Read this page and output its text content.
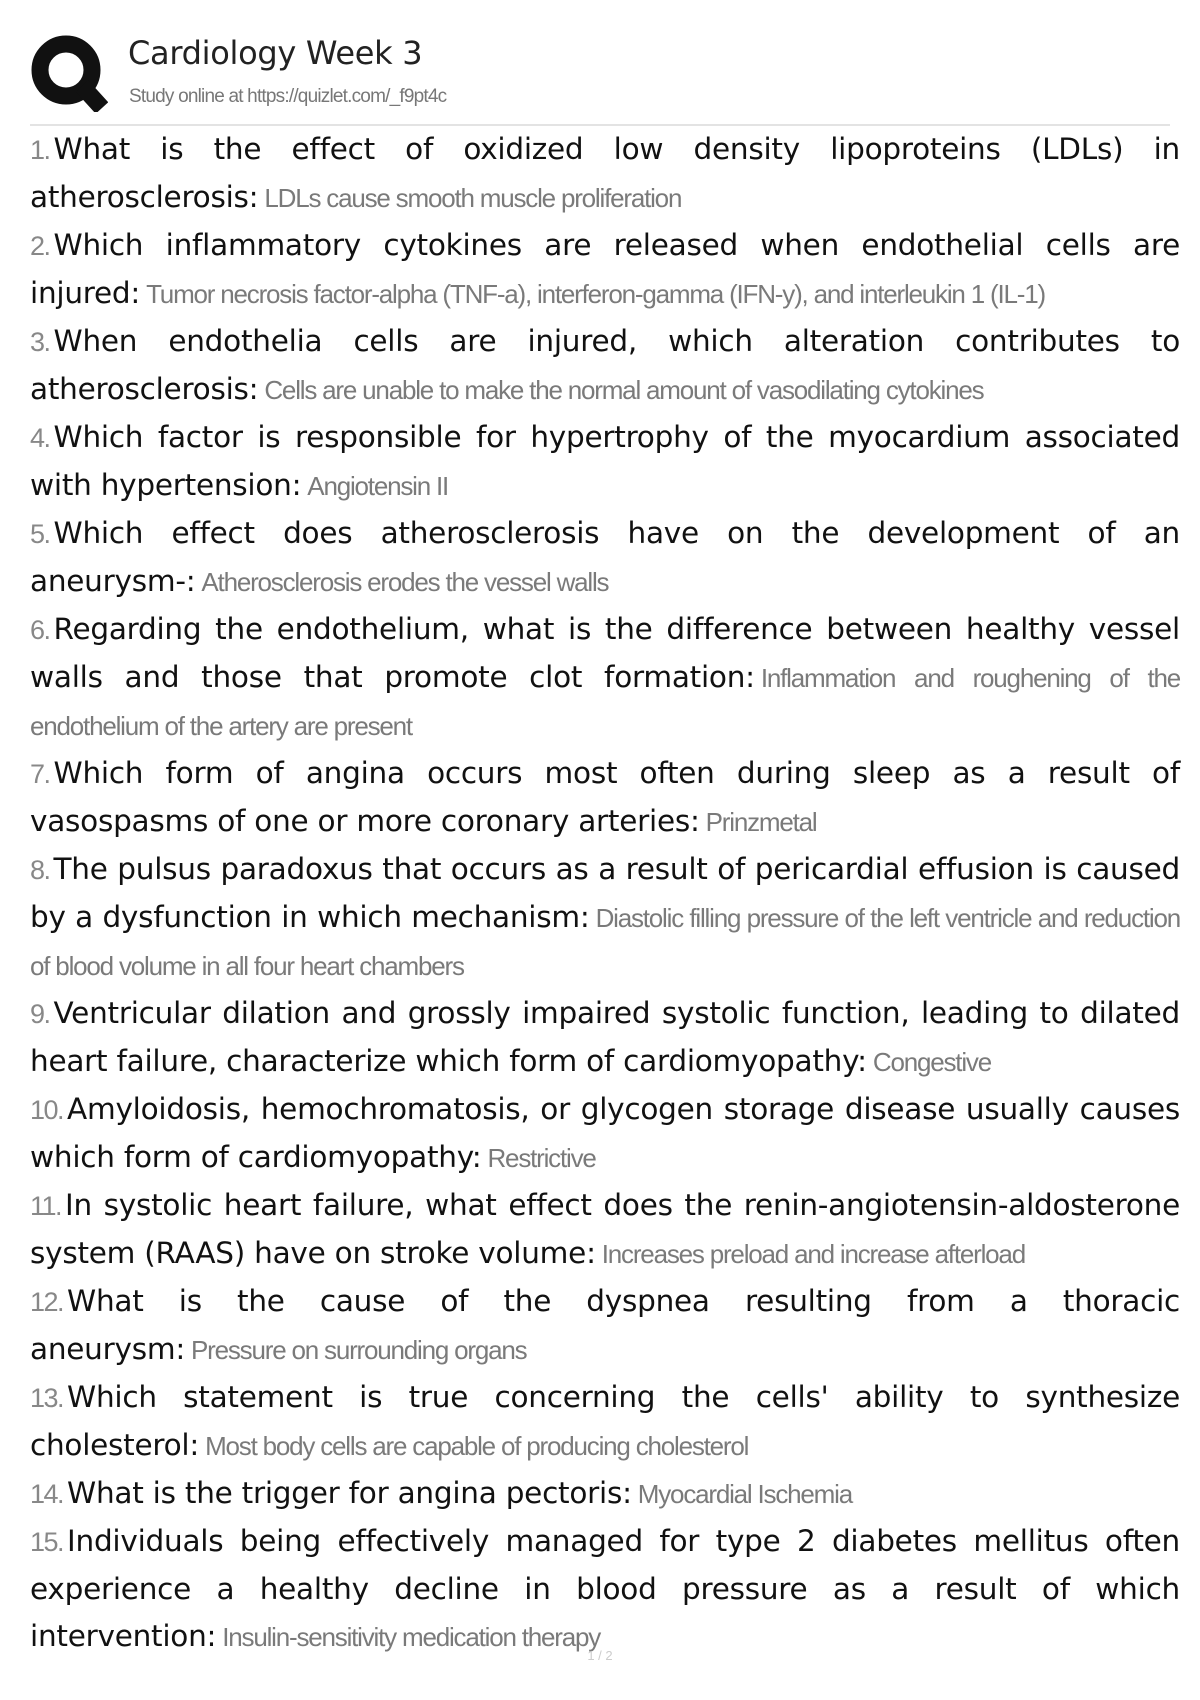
Cardiology Week 3
Study online at https://quizlet.com/_f9pt4c

1. What is the effect of oxidized low density lipoproteins (LDLs) in atherosclerosis: LDLs cause smooth muscle proliferation

2. Which inflammatory cytokines are released when endothelial cells are injured: Tumor necrosis factor-alpha (TNF-a), interferon-gamma (IFN-y), and interleukin 1 (IL-1)

3. When endothelia cells are injured, which alteration contributes to atherosclerosis: Cells are unable to make the normal amount of vasodilating cytokines

4. Which factor is responsible for hypertrophy of the myocardium associated with hypertension: Angiotensin II

5. Which effect does atherosclerosis have on the development of an aneurysm-: Atherosclerosis erodes the vessel walls

6. Regarding the endothelium, what is the difference between healthy vessel walls and those that promote clot formation: Inflammation and roughening of the endothelium of the artery are present

7. Which form of angina occurs most often during sleep as a result of vasospasms of one or more coronary arteries: Prinzmetal

8. The pulsus paradoxus that occurs as a result of pericardial effusion is caused by a dysfunction in which mechanism: Diastolic filling pressure of the left ventricle and reduction of blood volume in all four heart chambers

9. Ventricular dilation and grossly impaired systolic function, leading to dilated heart failure, characterize which form of cardiomyopathy: Congestive

10. Amyloidosis, hemochromatosis, or glycogen storage disease usually causes which form of cardiomyopathy: Restrictive

11. In systolic heart failure, what effect does the renin-angiotensin-aldosterone system (RAAS) have on stroke volume: Increases preload and increase afterload

12. What is the cause of the dyspnea resulting from a thoracic aneurysm: Pressure on surrounding organs

13. Which statement is true concerning the cells' ability to synthesize cholesterol: Most body cells are capable of producing cholesterol

14. What is the trigger for angina pectoris: Myocardial Ischemia

15. Individuals being effectively managed for type 2 diabetes mellitus often experience a healthy decline in blood pressure as a result of which intervention: Insulin-sensitivity medication therapy

1 / 2
